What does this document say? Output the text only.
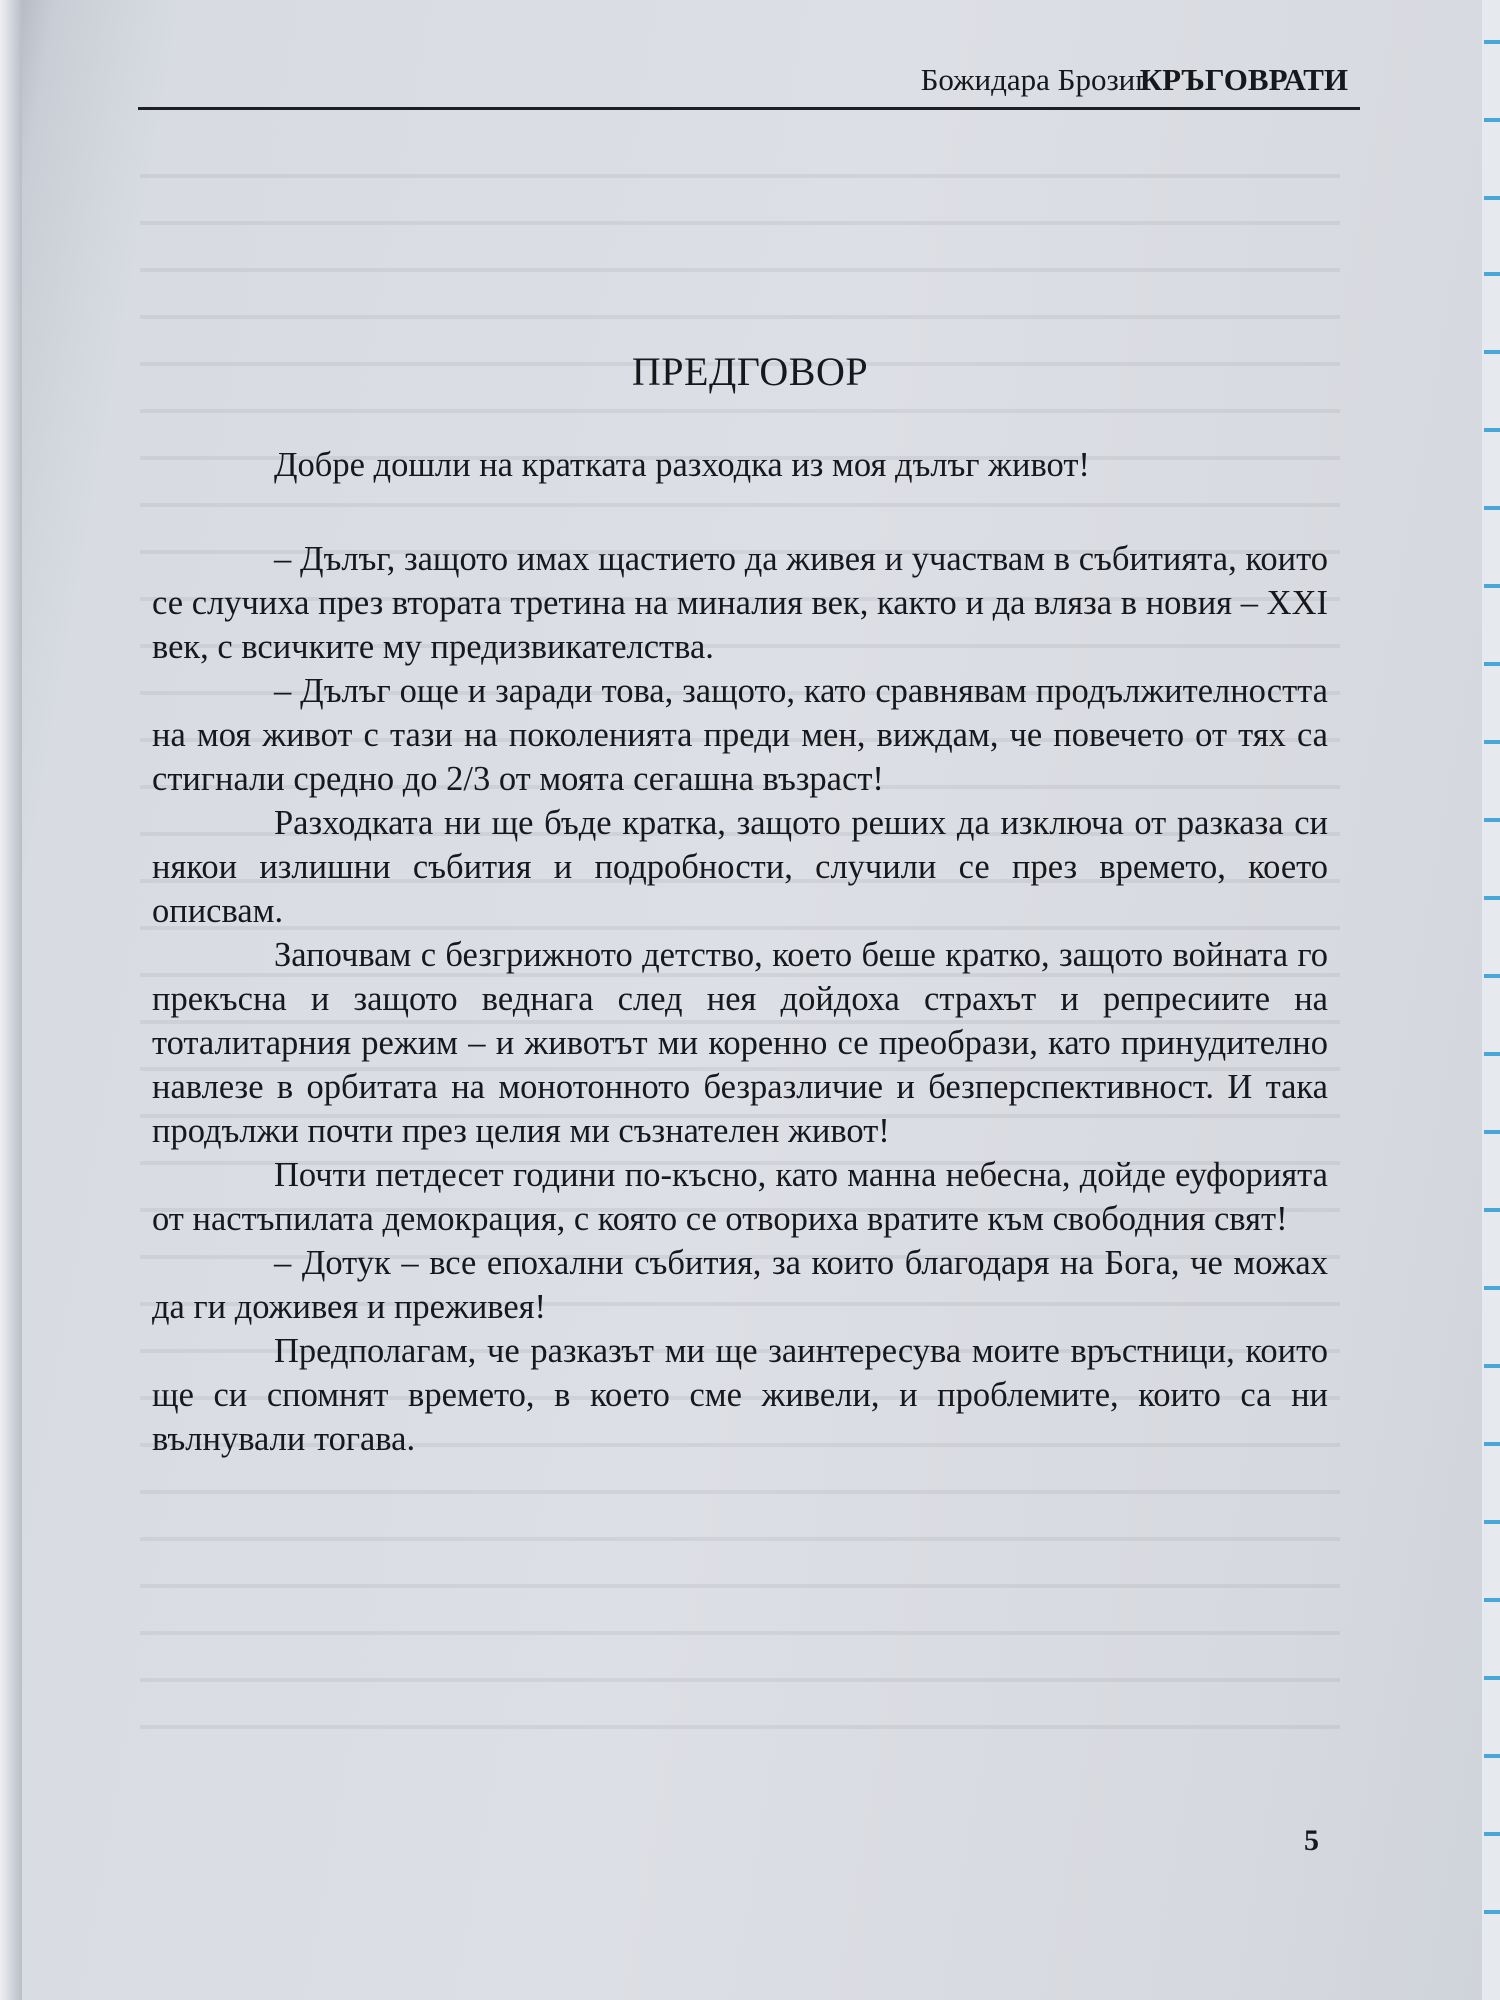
Божидара Брозиг
КРЪГОВРАТИ
ПРЕДГОВОР

Добре дошли на кратката разходка из моя дълъг живот!

– Дълъг, защото имах щастието да живея и участвам в събитията, които се случиха през втората третина на миналия век, както и да вляза в новия – XXI век, с всичките му предизвикателства.

– Дълъг още и заради това, защото, като сравнявам продължителността на моя живот с тази на поколенията преди мен, виждам, че повечето от тях са стигнали средно до 2/3 от моята сегашна възраст!

Разходката ни ще бъде кратка, защото реших да изключа от разказа си някои излишни събития и подробности, случили се през времето, което описвам.

Започвам с безгрижното детство, което беше кратко, защото войната го прекъсна и защото веднага след нея дойдоха страхът и репресиите на тоталитарния режим – и животът ми коренно се преобрази, като принудително навлезе в орбитата на монотонното безразличие и безперспективност. И така продължи почти през целия ми съзнателен живот!

Почти петдесет години по-късно, като манна небесна, дойде еуфорията от настъпилата демокрация, с която се отвориха вратите към свободния свят!

– Дотук – все епохални събития, за които благодаря на Бога, че можах да ги доживея и преживея!

Предполагам, че разказът ми ще заинтересува моите връстници, които ще си спомнят времето, в което сме живели, и проблемите, които са ни вълнували тогава.

5
